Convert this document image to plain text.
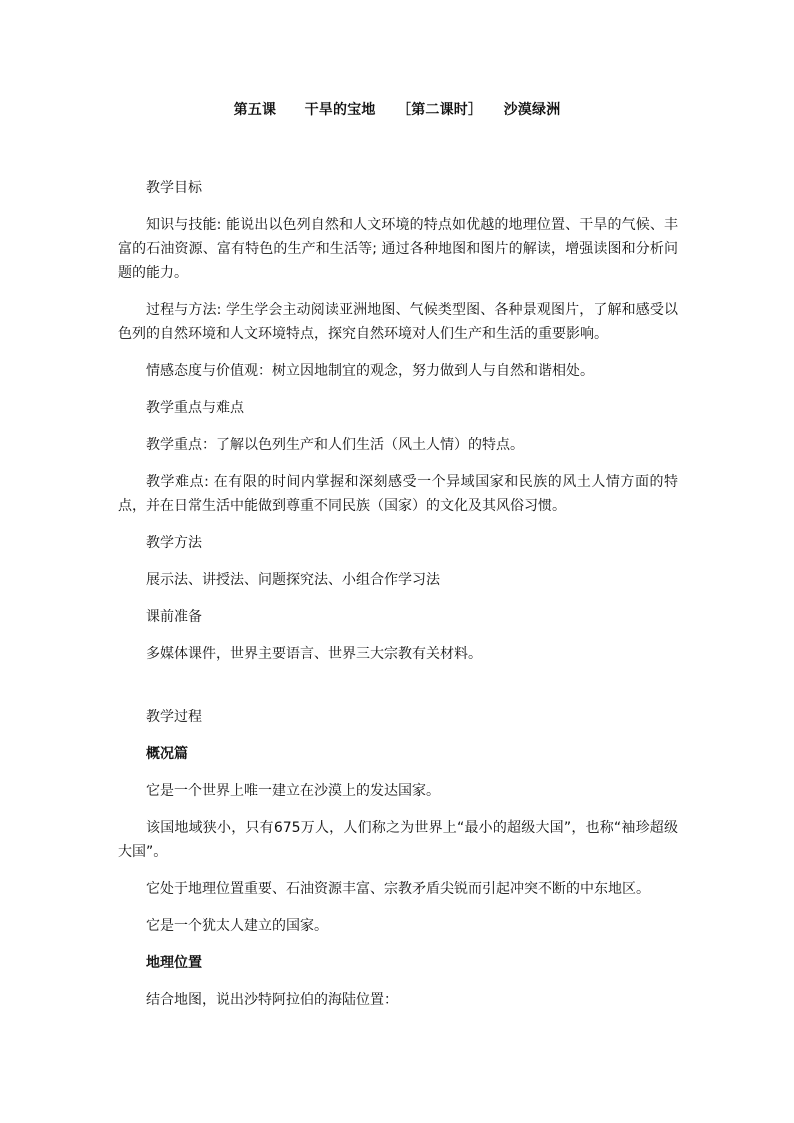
第五课　　干旱的宝地　　［第二课时］　　沙漠绿洲

教学目标

知识与技能: 能说出以色列自然和人文环境的特点如优越的地理位置、干旱的气候、丰富的石油资源、富有特色的生产和生活等; 通过各种地图和图片的解读，增强读图和分析问题的能力。

过程与方法: 学生学会主动阅读亚洲地图、气候类型图、各种景观图片，了解和感受以色列的自然环境和人文环境特点，探究自然环境对人们生产和生活的重要影响。

情感态度与价值观：树立因地制宜的观念，努力做到人与自然和谐相处。

教学重点与难点

教学重点：了解以色列生产和人们生活（风土人情）的特点。

教学难点: 在有限的时间内掌握和深刻感受一个异域国家和民族的风土人情方面的特点，并在日常生活中能做到尊重不同民族（国家）的文化及其风俗习惯。

教学方法

展示法、讲授法、问题探究法、小组合作学习法

课前准备

多媒体课件，世界主要语言、世界三大宗教有关材料。

教学过程

概况篇

它是一个世界上唯一建立在沙漠上的发达国家。

该国地域狭小，只有675万人，人们称之为世界上“最小的超级大国”，也称“袖珍超级大国”。

它处于地理位置重要、石油资源丰富、宗教矛盾尖锐而引起冲突不断的中东地区。

它是一个犹太人建立的国家。

地理位置

结合地图，说出沙特阿拉伯的海陆位置：
